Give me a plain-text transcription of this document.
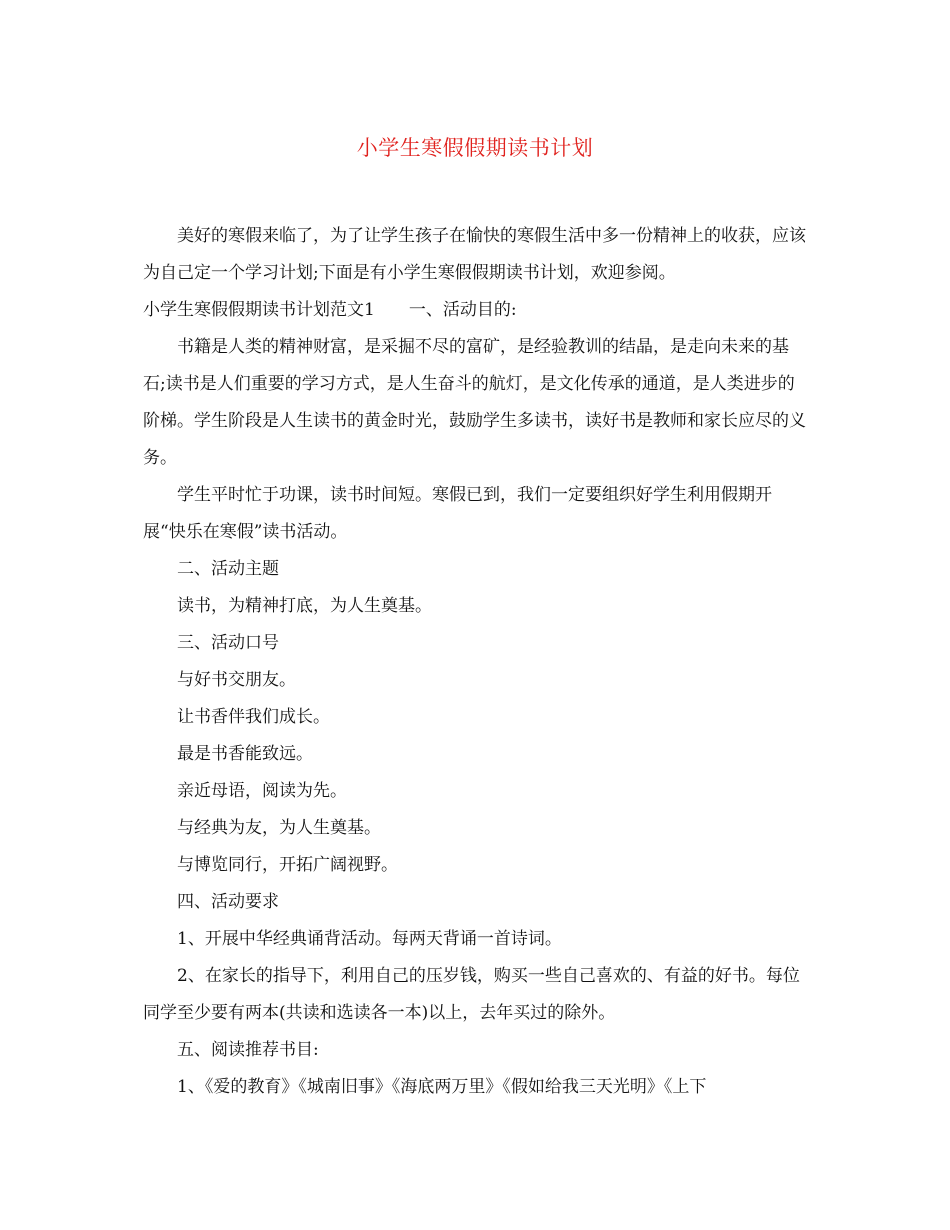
小学生寒假假期读书计划

美好的寒假来临了，为了让学生孩子在愉快的寒假生活中多一份精神上的收获，应该为自己定一个学习计划;下面是有小学生寒假假期读书计划，欢迎参阅。

小学生寒假假期读书计划范文1 一、活动目的:

书籍是人类的精神财富，是采掘不尽的富矿，是经验教训的结晶，是走向未来的基石;读书是人们重要的学习方式，是人生奋斗的航灯，是文化传承的通道，是人类进步的阶梯。学生阶段是人生读书的黄金时光，鼓励学生多读书，读好书是教师和家长应尽的义务。

学生平时忙于功课，读书时间短。寒假已到，我们一定要组织好学生利用假期开展“快乐在寒假”读书活动。

二、活动主题

读书，为精神打底，为人生奠基。

三、活动口号

与好书交朋友。

让书香伴我们成长。

最是书香能致远。

亲近母语，阅读为先。

与经典为友，为人生奠基。

与博览同行，开拓广阔视野。

四、活动要求

1、开展中华经典诵背活动。每两天背诵一首诗词。

2、在家长的指导下，利用自己的压岁钱，购买一些自己喜欢的、有益的好书。每位同学至少要有两本(共读和选读各一本)以上，去年买过的除外。

五、阅读推荐书目:

1、《爱的教育》《城南旧事》《海底两万里》《假如给我三天光明》《上下
